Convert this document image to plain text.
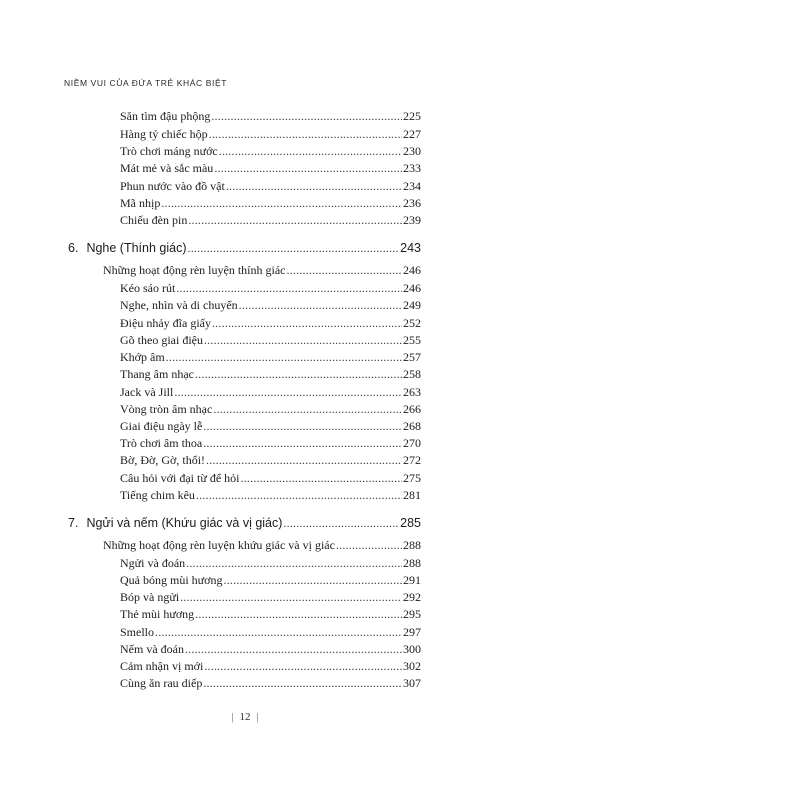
NIỀM VUI CỦA ĐỨA TRẺ KHÁC BIỆT
Săn tìm đậu phộng .....	225
Hàng tỷ chiếc hộp .....	227
Trò chơi máng nước .....	230
Mát mẻ và sắc màu .....	233
Phun nước vào đồ vật .....	234
Mã nhịp .....	236
Chiếu đèn pin .....	239
6. Nghe (Thính giác) .....	243
Những hoạt động rèn luyện thính giác .....	246
Kéo sáo rút .....	246
Nghe, nhìn và di chuyển .....	249
Điệu nhảy đĩa giấy .....	252
Gõ theo giai điệu .....	255
Khớp âm .....	257
Thang âm nhạc .....	258
Jack và Jill .....	263
Vòng tròn âm nhạc .....	266
Giai điệu ngày lễ .....	268
Trò chơi âm thoa .....	270
Bờ, Đờ, Gờ, thổi! .....	272
Câu hỏi với đại từ để hỏi .....	275
Tiếng chim kêu .....	281
7. Ngửi và nếm (Khứu giác và vị giác) .....	285
Những hoạt động rèn luyện khứu giác và vị giác .....	288
Ngửi và đoán .....	288
Quả bóng mùi hương .....	291
Bóp và ngửi .....	292
Thẻ mùi hương .....	295
Smello .....	297
Nếm và đoán .....	300
Cảm nhận vị mới .....	302
Cùng ăn rau diếp .....	307
| 12 |
